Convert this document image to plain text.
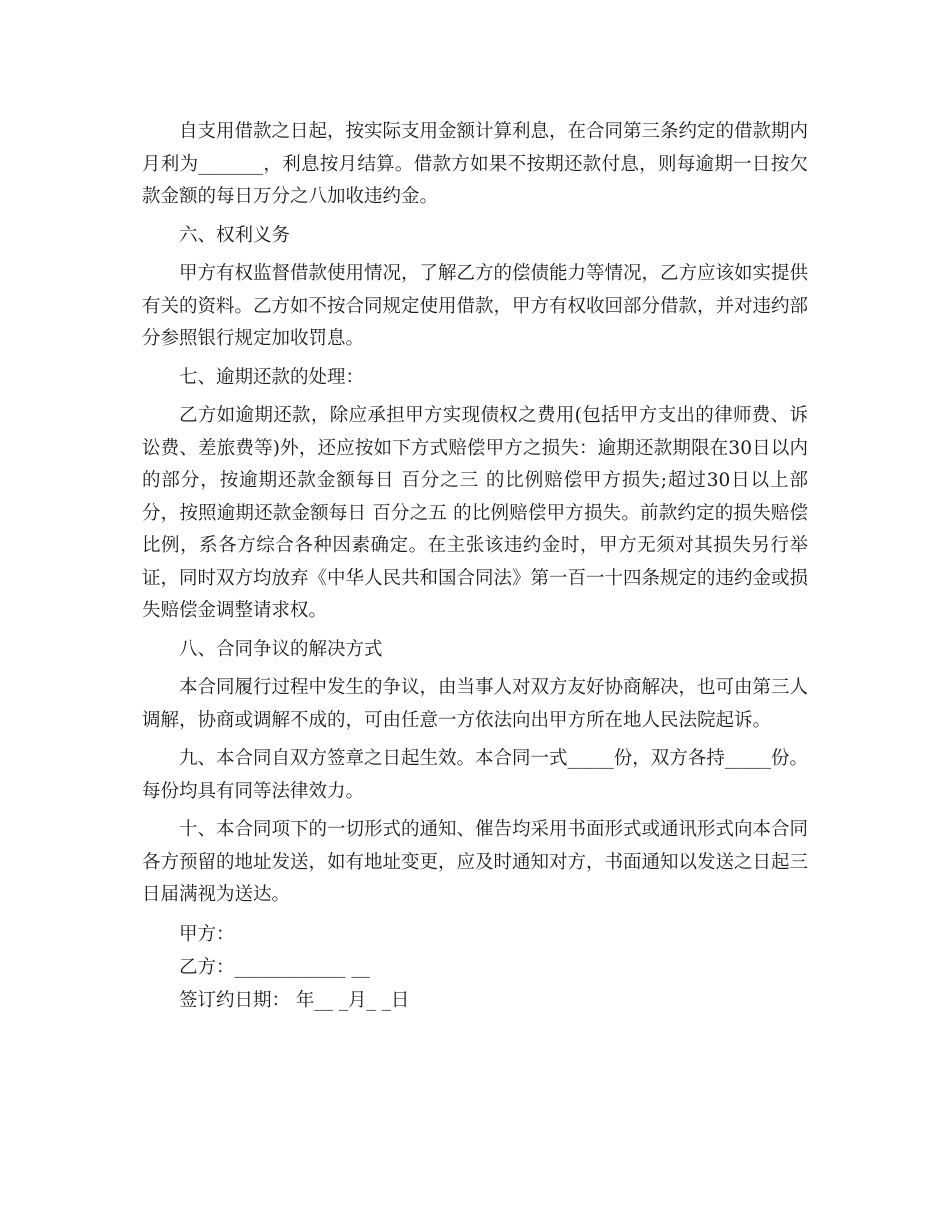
自支用借款之日起，按实际支用金额计算利息，在合同第三条约定的借款期内月利为_______，利息按月结算。借款方如果不按期还款付息，则每逾期一日按欠款金额的每日万分之八加收违约金。

六、权利义务

甲方有权监督借款使用情况，了解乙方的偿债能力等情况，乙方应该如实提供有关的资料。乙方如不按合同规定使用借款，甲方有权收回部分借款，并对违约部分参照银行规定加收罚息。

七、逾期还款的处理：

乙方如逾期还款，除应承担甲方实现债权之费用(包括甲方支出的律师费、诉讼费、差旅费等)外，还应按如下方式赔偿甲方之损失：逾期还款期限在30日以内的部分，按逾期还款金额每日 百分之三 的比例赔偿甲方损失;超过30日以上部分，按照逾期还款金额每日 百分之五 的比例赔偿甲方损失。前款约定的损失赔偿比例，系各方综合各种因素确定。在主张该违约金时，甲方无须对其损失另行举证，同时双方均放弃《中华人民共和国合同法》第一百一十四条规定的违约金或损失赔偿金调整请求权。

八、合同争议的解决方式

本合同履行过程中发生的争议，由当事人对双方友好协商解决，也可由第三人调解，协商或调解不成的，可由任意一方依法向出甲方所在地人民法院起诉。

九、本合同自双方签章之日起生效。本合同一式_____份，双方各持_____份。每份均具有同等法律效力。

十、本合同项下的一切形式的通知、催告均采用书面形式或通讯形式向本合同各方预留的地址发送，如有地址变更，应及时通知对方，书面通知以发送之日起三日届满视为送达。

甲方：

乙方：____________ __

签订约日期： 年__ _月_ _日
